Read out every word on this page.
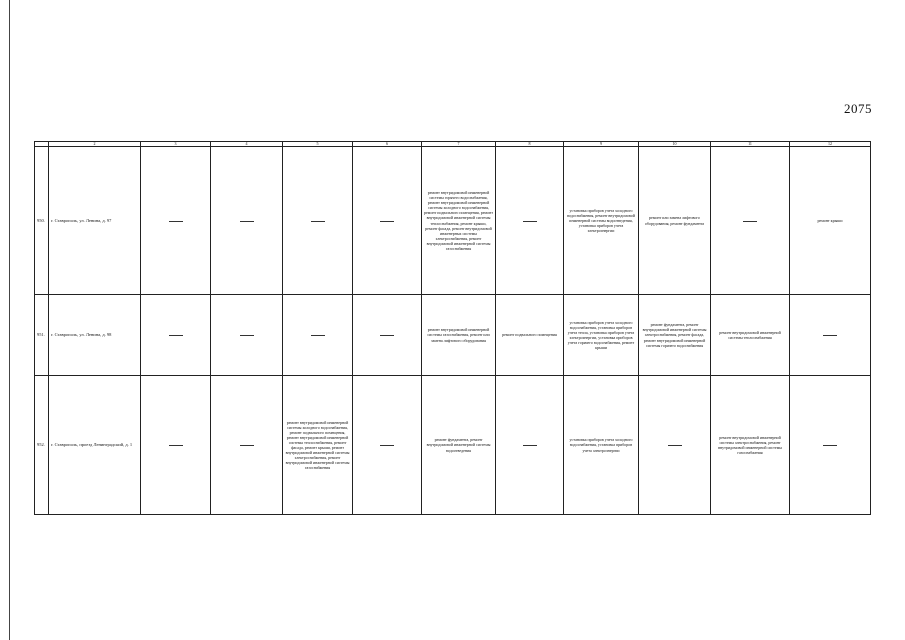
2075
	2	3	4	5	6	7	8	9	10	11	12
950.	г. Ставрополь, ул. Ленина, д. 97					ремонт внутридомовой инженерной системы горячего водоснабжения, ремонт внутридомовой инженерной системы холодного водоснабжения, ремонт подвального помещения, ремонт внутридомовой инженерной системы теплоснабжения, ремонт крыши, ремонт фасада, ремонт внутридомовой инженерных системы электроснабжения, ремонт внутридомовой инженерной системы газоснабжения		установка приборов учета холодного водоснабжения, ремонт внутридомовой инженерной системы водоотведения, установка приборов учета электроэнергии	ремонт или замена лифтового оборудования, ремонт фундамента		ремонт крыши
951.	г. Ставрополь, ул. Ленина, д. 98					ремонт внутридомовой инженерной системы газоснабжения, ремонт или замена лифтового оборудования	ремонт подвального помещения	установка приборов учета холодного водоснабжения, установка приборов учета тепла, установка приборов учета электроэнергии, установка приборов учета горячего водоснабжения, ремонт крыши	ремонт фундамента, ремонт внутридомовой инженерной системы электроснабжения, ремонт фасада, ремонт внутридомовой инженерной системы горячего водоснабжения	ремонт внутридомовой инженерной системы теплоснабжения	
952.	г. Ставрополь, проезд Ленинградский, д. 1			ремонт внутридомовой инженерной системы холодного водоснабжения, ремонт подвального помещения, ремонт внутридомовой инженерной системы теплоснабжения, ремонт фасада, ремонт крыши, ремонт внутридомовой инженерной системы электроснабжения, ремонт внутридомовой инженерной системы газоснабжения		ремонт фундамента, ремонт внутридомовой инженерной системы водоотведения		установка приборов учета холодного водоснабжения, установка приборов учета электроэнергии		ремонт внутридомовой инженерной системы электроснабжения, ремонт внутридомовой инженерной системы газоснабжения	
